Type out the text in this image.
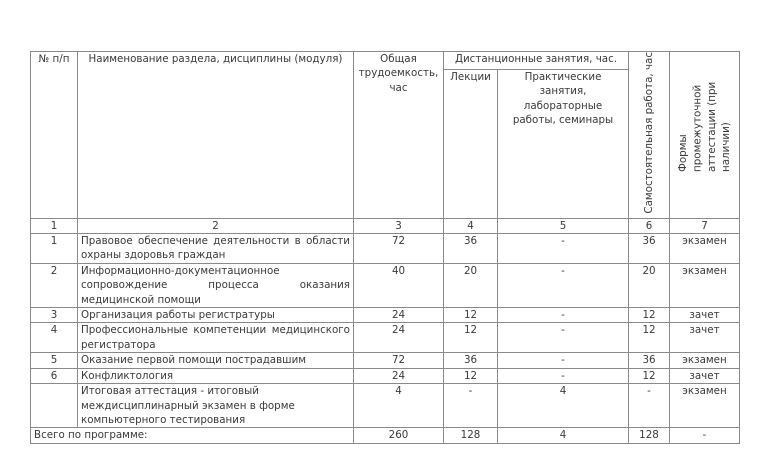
№ п/п	Наименование раздела, дисциплины (модуля)	Общая трудоемкость, час	Дистанционные занятия, час.		Самостоятельная работа, час	Формы промежуточной аттестации (при наличии)

			Лекции	Практические занятия, лабораторные работы, семинары		
1	2	3	4	5	6	7
1	Правовое обеспечение деятельности в области охраны здоровья граждан	72	36	-	36	экзамен
2	Информационно-документационное сопровождение процесса оказания медицинской помощи	40	20	-	20	экзамен
3	Организация работы регистратуры	24	12	-	12	зачет
4	Профессиональные компетенции медицинского регистратора	24	12	-	12	зачет
5	Оказание первой помощи пострадавшим	72	36	-	36	экзамен
6	Конфликтология	24	12	-	12	зачет
	Итоговая аттестация - итоговый междисциплинарный экзамен в форме компьютерного тестирования	4	-	4	-	экзамен
Всего по программе:		260	128	4	128	-
